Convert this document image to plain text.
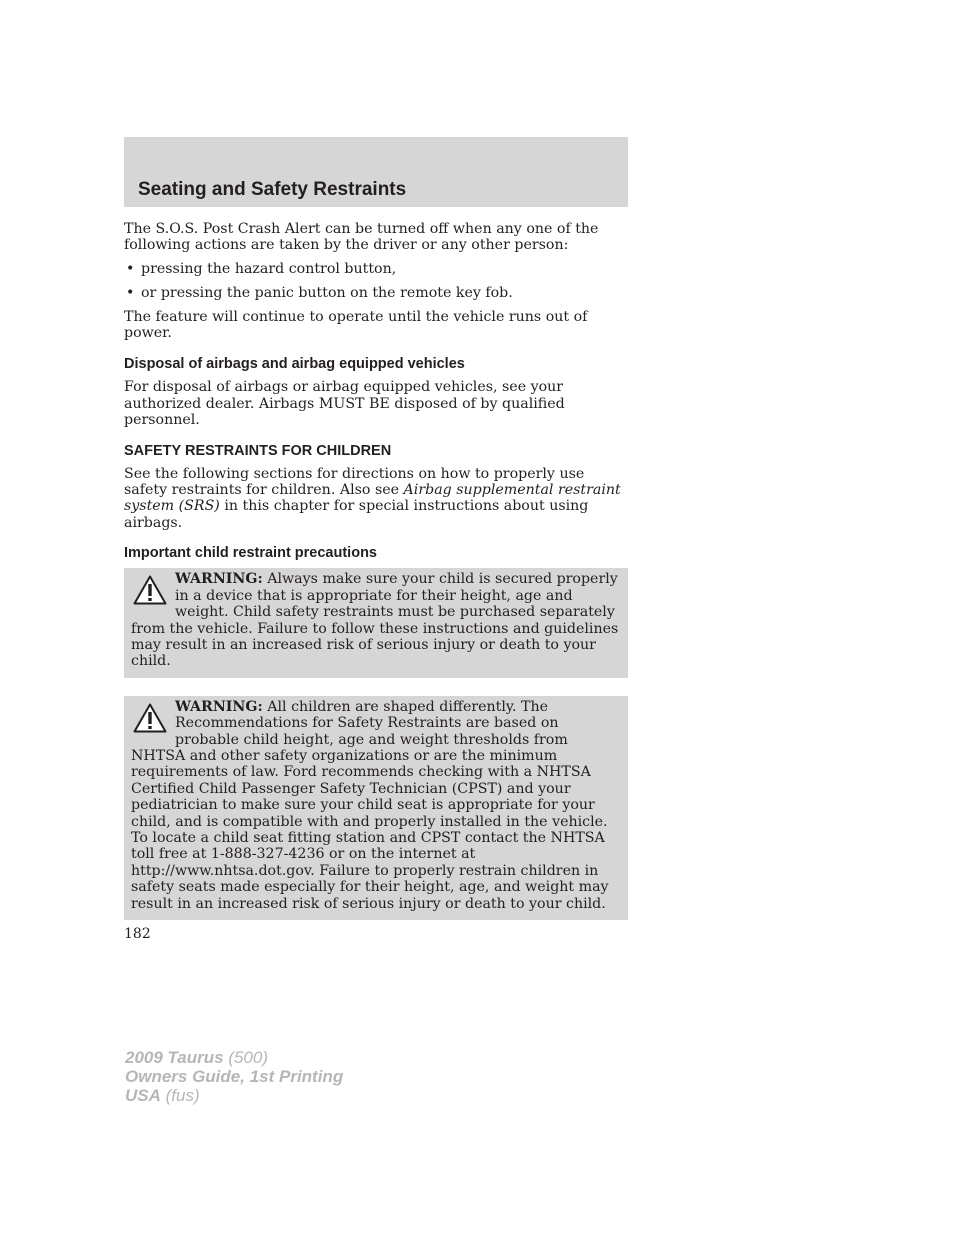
Seating and Safety Restraints

The S.O.S. Post Crash Alert can be turned off when any one of the following actions are taken by the driver or any other person:

• pressing the hazard control button,
• or pressing the panic button on the remote key fob.

The feature will continue to operate until the vehicle runs out of power.

Disposal of airbags and airbag equipped vehicles

For disposal of airbags or airbag equipped vehicles, see your authorized dealer. Airbags MUST BE disposed of by qualified personnel.

SAFETY RESTRAINTS FOR CHILDREN

See the following sections for directions on how to properly use safety restraints for children. Also see Airbag supplemental restraint system (SRS) in this chapter for special instructions about using airbags.

Important child restraint precautions
WARNING: Always make sure your child is secured properly in a device that is appropriate for their height, age and weight. Child safety restraints must be purchased separately from the vehicle. Failure to follow these instructions and guidelines may result in an increased risk of serious injury or death to your child.
WARNING: All children are shaped differently. The Recommendations for Safety Restraints are based on probable child height, age and weight thresholds from NHTSA and other safety organizations or are the minimum requirements of law. Ford recommends checking with a NHTSA Certified Child Passenger Safety Technician (CPST) and your pediatrician to make sure your child seat is appropriate for your child, and is compatible with and properly installed in the vehicle. To locate a child seat fitting station and CPST contact the NHTSA toll free at 1-888-327-4236 or on the internet at http://www.nhtsa.dot.gov. Failure to properly restrain children in safety seats made especially for their height, age, and weight may result in an increased risk of serious injury or death to your child.
182
2009 Taurus (500)
Owners Guide, 1st Printing
USA (fus)
